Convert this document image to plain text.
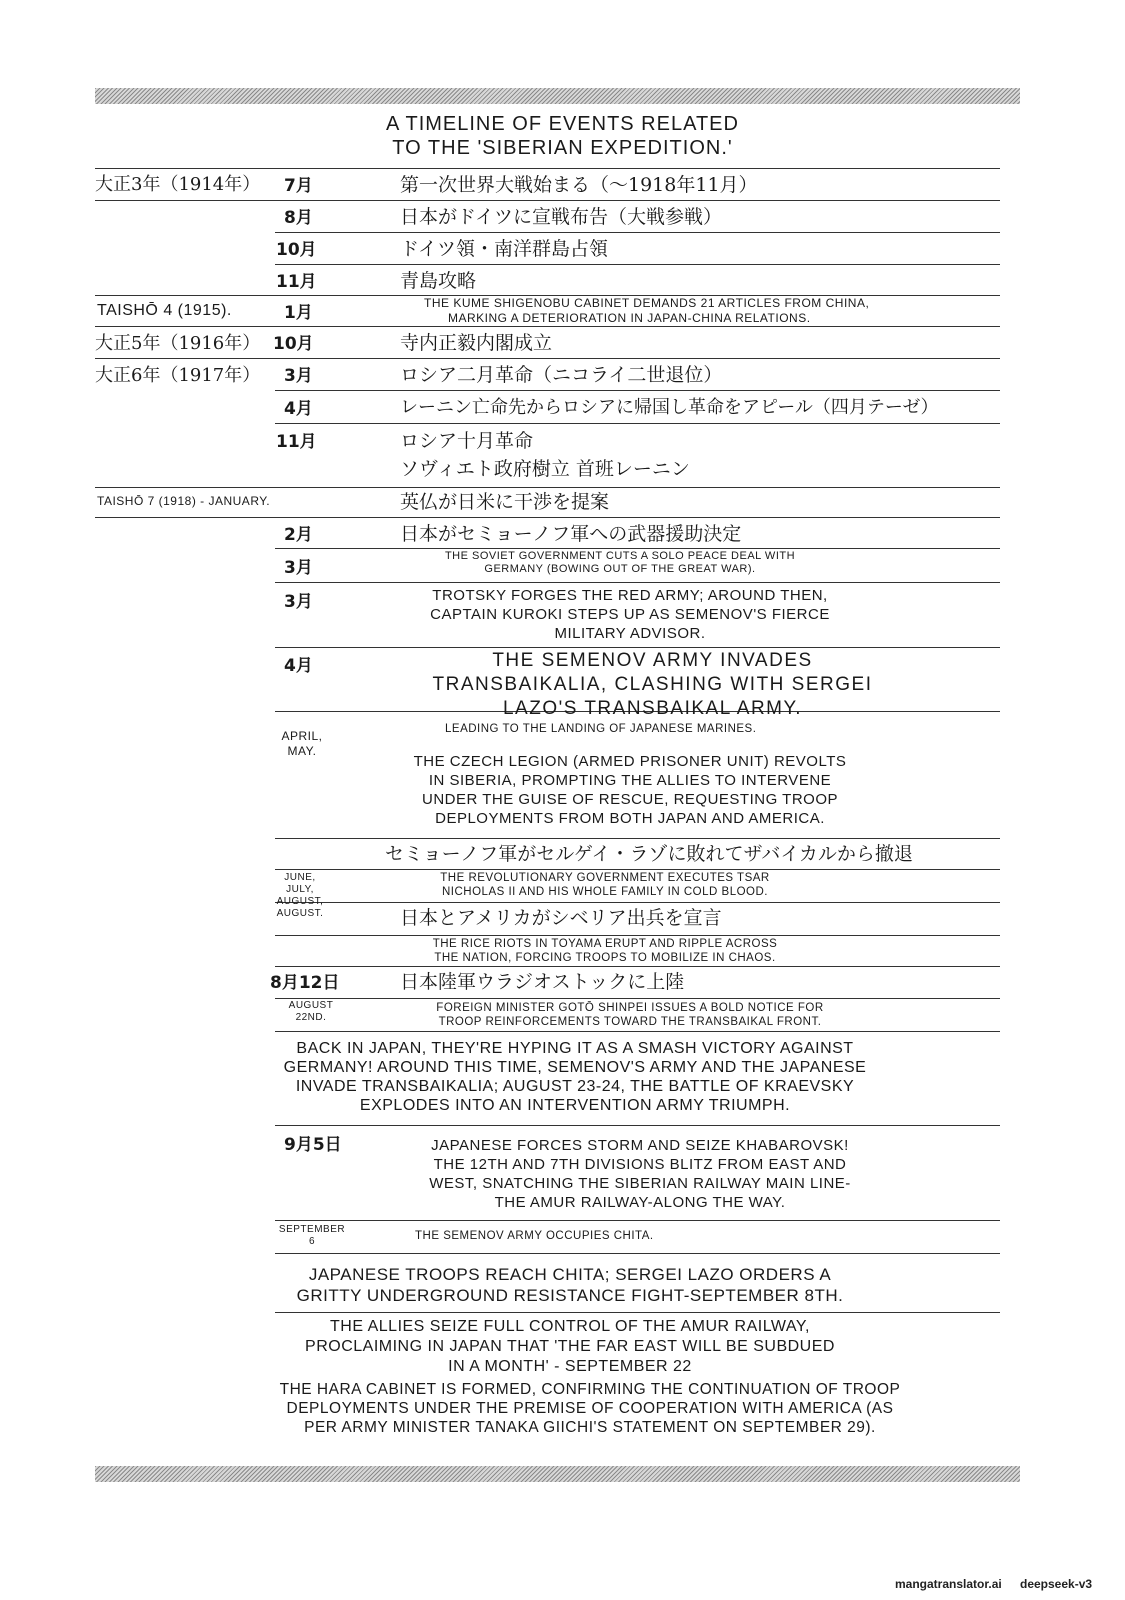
A TIMELINE OF EVENTS RELATED
TO THE 'SIBERIAN EXPEDITION.'
大正3年（1914年）
TAISHŌ 4 (1915).
大正5年（1916年）
大正6年（1917年）
TAISHŌ 7 (1918) - JANUARY.
7月
8月
10月
11月
1月
10月
3月
4月
11月
2月
3月
3月
4月
APRIL,
MAY.
JUNE,
JULY,
AUGUST,
AUGUST.
8月12日
AUGUST
22ND.
9月5日
SEPTEMBER
6
第一次世界大戦始まる（〜1918年11月）
日本がドイツに宣戦布告（大戦参戦）
ドイツ領・南洋群島占領
青島攻略
THE KUME SHIGENOBU CABINET DEMANDS 21 ARTICLES FROM CHINA,
MARKING A DETERIORATION IN JAPAN-CHINA RELATIONS.
寺内正毅内閣成立
ロシア二月革命（ニコライ二世退位）
レーニン亡命先からロシアに帰国し革命をアピール（四月テーゼ）
ロシア十月革命
ソヴィエト政府樹立 首班レーニン
英仏が日米に干渉を提案
日本がセミョーノフ軍への武器援助決定
THE SOVIET GOVERNMENT CUTS A SOLO PEACE DEAL WITH
GERMANY (BOWING OUT OF THE GREAT WAR).
TROTSKY FORGES THE RED ARMY; AROUND THEN,
CAPTAIN KUROKI STEPS UP AS SEMENOV'S FIERCE
MILITARY ADVISOR.
THE SEMENOV ARMY INVADES
TRANSBAIKALIA, CLASHING WITH SERGEI
LAZO'S TRANSBAIKAL ARMY.
LEADING TO THE LANDING OF JAPANESE MARINES.
THE CZECH LEGION (ARMED PRISONER UNIT) REVOLTS
IN SIBERIA, PROMPTING THE ALLIES TO INTERVENE
UNDER THE GUISE OF RESCUE, REQUESTING TROOP
DEPLOYMENTS FROM BOTH JAPAN AND AMERICA.
セミョーノフ軍がセルゲイ・ラゾに敗れてザバイカルから撤退
THE REVOLUTIONARY GOVERNMENT EXECUTES TSAR
NICHOLAS II AND HIS WHOLE FAMILY IN COLD BLOOD.
日本とアメリカがシベリア出兵を宣言
THE RICE RIOTS IN TOYAMA ERUPT AND RIPPLE ACROSS
THE NATION, FORCING TROOPS TO MOBILIZE IN CHAOS.
日本陸軍ウラジオストックに上陸
FOREIGN MINISTER GOTŌ SHINPEI ISSUES A BOLD NOTICE FOR
TROOP REINFORCEMENTS TOWARD THE TRANSBAIKAL FRONT.
BACK IN JAPAN, THEY'RE HYPING IT AS A SMASH VICTORY AGAINST
GERMANY! AROUND THIS TIME, SEMENOV'S ARMY AND THE JAPANESE
INVADE TRANSBAIKALIA; AUGUST 23-24, THE BATTLE OF KRAEVSKY
EXPLODES INTO AN INTERVENTION ARMY TRIUMPH.
JAPANESE FORCES STORM AND SEIZE KHABAROVSK!
THE 12TH AND 7TH DIVISIONS BLITZ FROM EAST AND
WEST, SNATCHING THE SIBERIAN RAILWAY MAIN LINE-
THE AMUR RAILWAY-ALONG THE WAY.
THE SEMENOV ARMY OCCUPIES CHITA.
JAPANESE TROOPS REACH CHITA; SERGEI LAZO ORDERS A
GRITTY UNDERGROUND RESISTANCE FIGHT-SEPTEMBER 8TH.
THE ALLIES SEIZE FULL CONTROL OF THE AMUR RAILWAY,
PROCLAIMING IN JAPAN THAT 'THE FAR EAST WILL BE SUBDUED
IN A MONTH' - SEPTEMBER 22
THE HARA CABINET IS FORMED, CONFIRMING THE CONTINUATION OF TROOP
DEPLOYMENTS UNDER THE PREMISE OF COOPERATION WITH AMERICA (AS
PER ARMY MINISTER TANAKA GIICHI'S STATEMENT ON SEPTEMBER 29).
mangatranslator.ai deepseek-v3
